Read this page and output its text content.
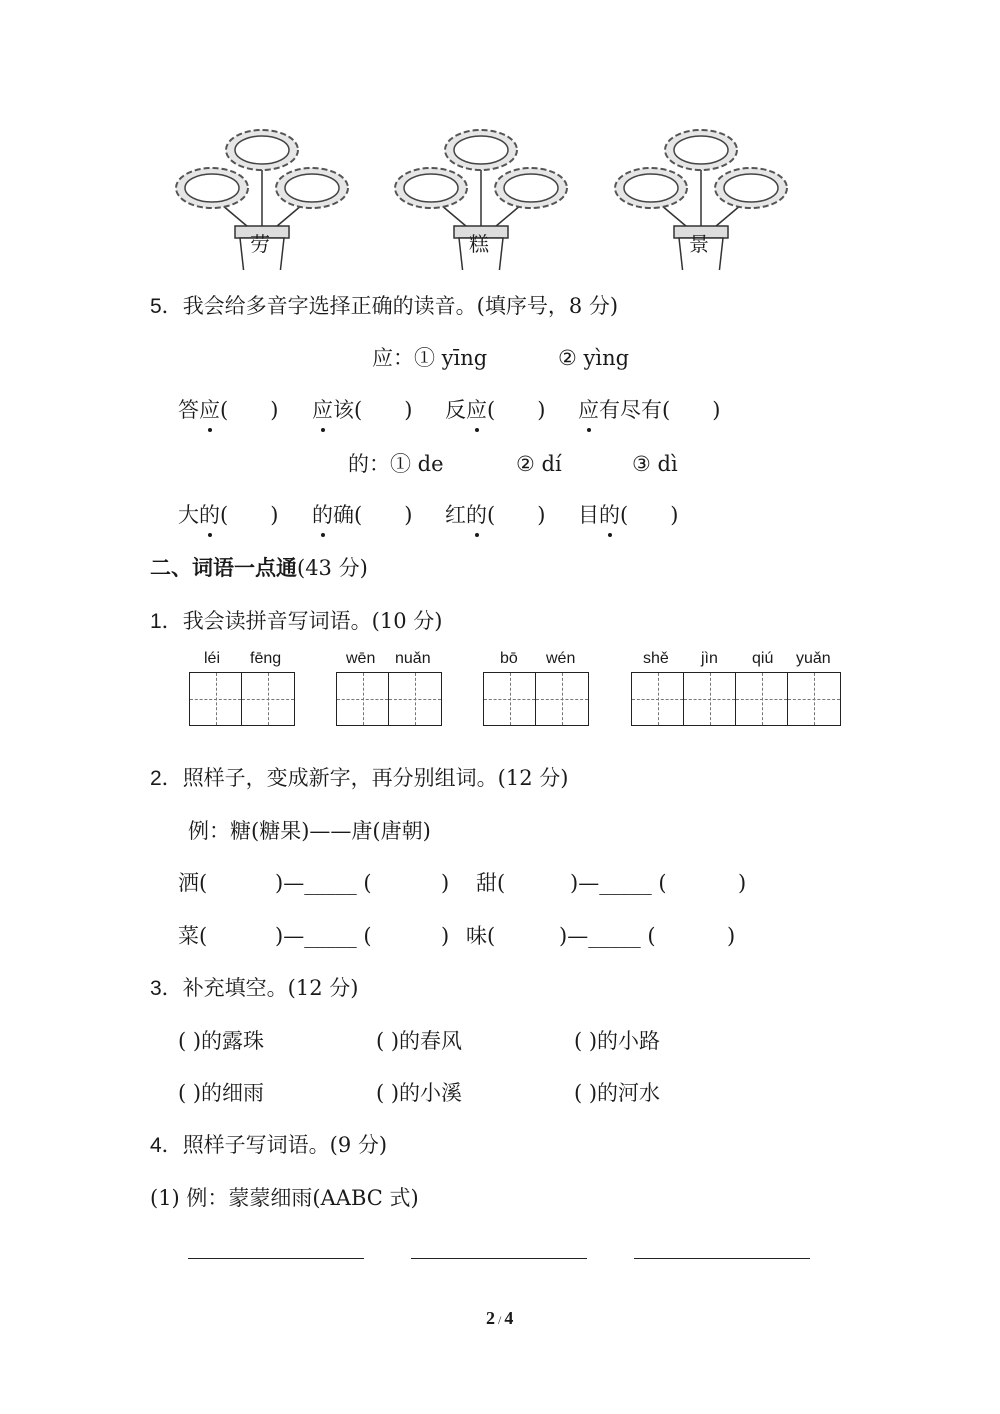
劳	糕	景
5．我会给多音字选择正确的读音。(填序号，8 分)
应：① yīng	② yìng
答应(　　) 应该(　　) 反应(　　) 应有尽有(　　)
的：① de	② dí	③ dì
大的(　　) 的确(　　) 红的(　　) 目的(　　)
二、词语一点通(43 分)
1．我会读拼音写词语。(10 分)
léi fēng	wēn nuǎn	bō wén	shě jìn qiú yuǎn
2．照样子，变成新字，再分别组词。(12 分)
例：糖(糖果)——唐(唐朝)
洒(	)—_____ (	) 甜(	)—_____ (	)
菜(	)—_____ (	) 味(	)—_____ (	)
3．补充填空。(12 分)
( )的露珠	( )的春风	( )的小路
( )的细雨	( )的小溪	( )的河水
4．照样子写词语。(9 分)
(1) 例：蒙蒙细雨(AABC 式)
2 / 4
